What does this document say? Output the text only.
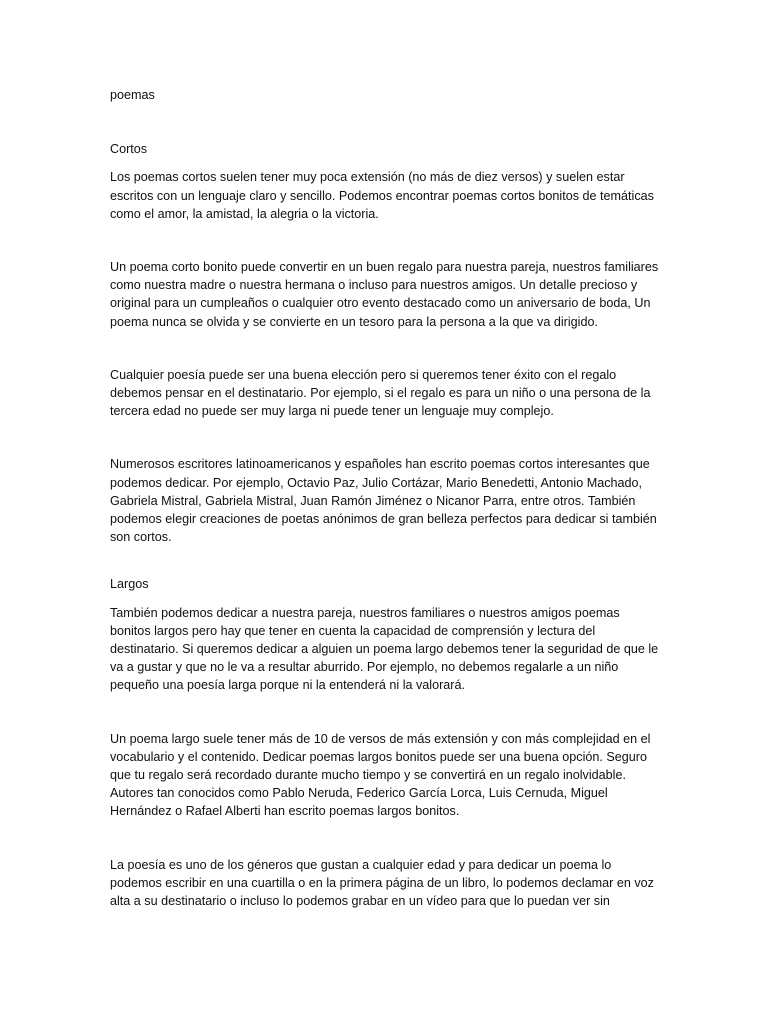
poemas

Cortos

Los poemas cortos suelen tener muy poca extensión (no más de diez versos) y suelen estar escritos con un lenguaje claro y sencillo. Podemos encontrar poemas cortos bonitos de temáticas como el amor, la amistad, la alegria o la victoria.

Un poema corto bonito puede convertir en un buen regalo para nuestra pareja, nuestros familiares como nuestra madre o nuestra hermana o incluso para nuestros amigos. Un detalle precioso y original para un cumpleaños o cualquier otro evento destacado como un aniversario de boda, Un poema nunca se olvida y se convierte en un tesoro para la persona a la que va dirigido.

Cualquier poesía puede ser una buena elección pero si queremos tener éxito con el regalo debemos pensar en el destinatario. Por ejemplo, si el regalo es para un niño o una persona de la tercera edad no puede ser muy larga ni puede tener un lenguaje muy complejo.

Numerosos escritores latinoamericanos y españoles han escrito poemas cortos interesantes que podemos dedicar. Por ejemplo, Octavio Paz, Julio Cortázar, Mario Benedetti, Antonio Machado, Gabriela Mistral, Gabriela Mistral, Juan Ramón Jiménez o Nicanor Parra, entre otros. También podemos elegir creaciones de poetas anónimos de gran belleza perfectos para dedicar si también son cortos.

Largos

También podemos dedicar a nuestra pareja, nuestros familiares o nuestros amigos poemas bonitos largos pero hay que tener en cuenta la capacidad de comprensión y lectura del destinatario. Si queremos dedicar a alguien un poema largo debemos tener la seguridad de que le va a gustar y que no le va a resultar aburrido. Por ejemplo, no debemos regalarle a un niño pequeño una poesía larga porque ni la entenderá ni la valorará.

Un poema largo suele tener más de 10 de versos de más extensión y con más complejidad en el vocabulario y el contenido. Dedicar poemas largos bonitos puede ser una buena opción. Seguro que tu regalo será recordado durante mucho tiempo y se convertirá en un regalo inolvidable. Autores tan conocidos como Pablo Neruda, Federico García Lorca, Luis Cernuda, Miguel Hernández o Rafael Alberti han escrito poemas largos bonitos.

La poesía es uno de los géneros que gustan a cualquier edad y para dedicar un poema lo podemos escribir en una cuartilla o en la primera página de un libro, lo podemos declamar en voz alta a su destinatario o incluso lo podemos grabar en un vídeo para que lo puedan ver sin
